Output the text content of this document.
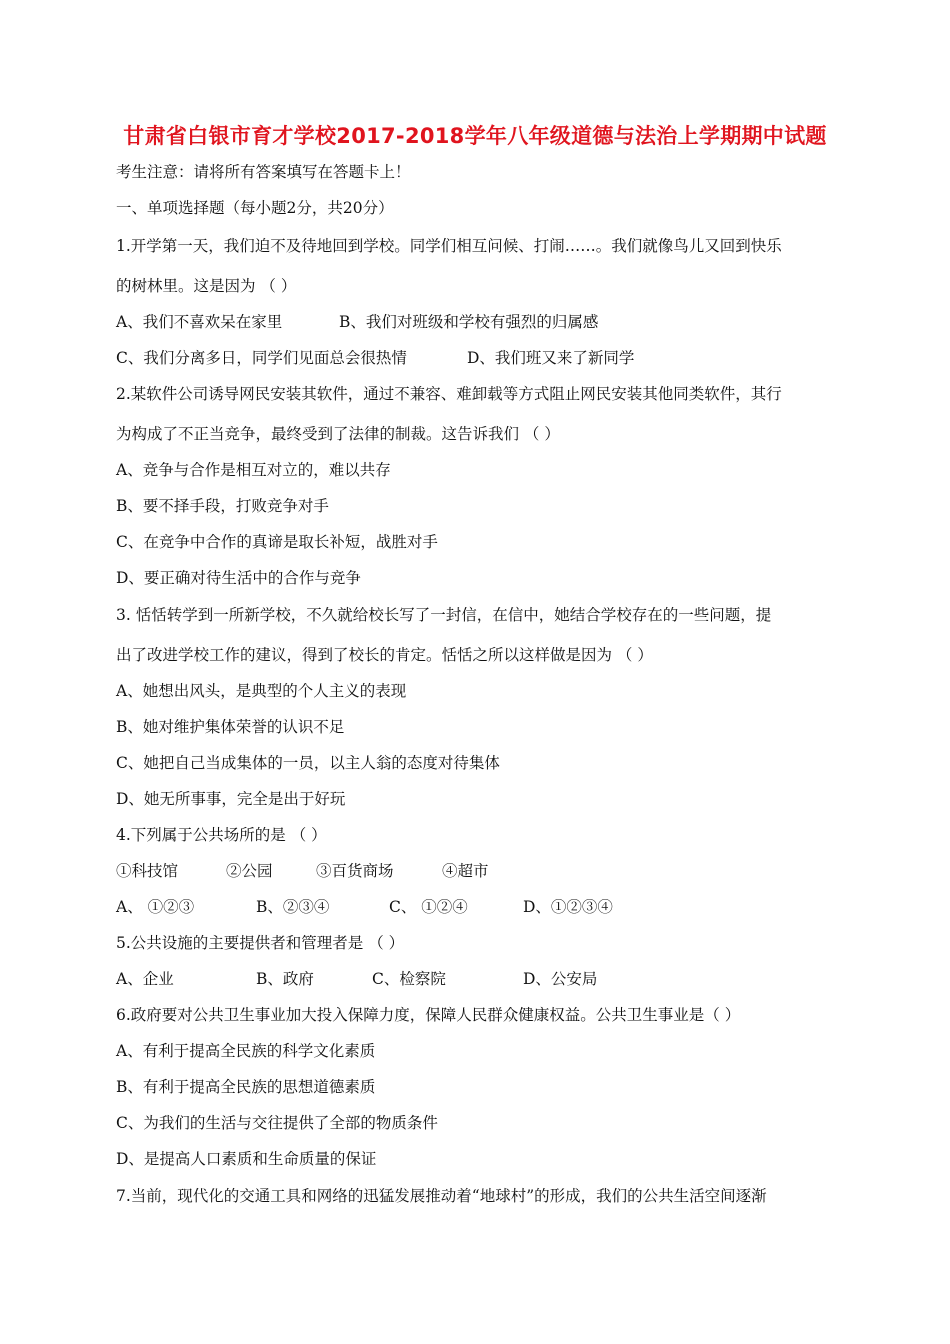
甘肃省白银市育才学校2017-2018学年八年级道德与法治上学期期中试题
考生注意：请将所有答案填写在答题卡上！
一、单项选择题（每小题2分，共20分）
1.开学第一天，我们迫不及待地回到学校。同学们相互问候、打闹……。我们就像鸟儿又回到快乐
的树林里。这是因为 （ ）
A、我们不喜欢呆在家里	B、我们对班级和学校有强烈的归属感
C、我们分离多日，同学们见面总会很热情	D、我们班又来了新同学
2.某软件公司诱导网民安装其软件，通过不兼容、难卸载等方式阻止网民安装其他同类软件，其行
为构成了不正当竞争，最终受到了法律的制裁。这告诉我们 （ ）
A、竞争与合作是相互对立的，难以共存
B、要不择手段，打败竞争对手
C、在竞争中合作的真谛是取长补短，战胜对手
D、要正确对待生活中的合作与竞争
3. 恬恬转学到一所新学校，不久就给校长写了一封信，在信中，她结合学校存在的一些问题，提
出了改进学校工作的建议，得到了校长的肯定。恬恬之所以这样做是因为 （ ）
A、她想出风头，是典型的个人主义的表现
B、她对维护集体荣誉的认识不足
C、她把自己当成集体的一员，以主人翁的态度对待集体
D、她无所事事，完全是出于好玩
4.下列属于公共场所的是 （ ）
①科技馆	②公园	③百货商场	④超市
A、 ①②③	B、②③④	C、 ①②④	D、①②③④
5.公共设施的主要提供者和管理者是 （ ）
A、企业	B、政府	C、检察院	D、公安局
6.政府要对公共卫生事业加大投入保障力度，保障人民群众健康权益。公共卫生事业是（ ）
A、有利于提高全民族的科学文化素质
B、有利于提高全民族的思想道德素质
C、为我们的生活与交往提供了全部的物质条件
D、是提高人口素质和生命质量的保证
7.当前，现代化的交通工具和网络的迅猛发展推动着“地球村”的形成，我们的公共生活空间逐渐
